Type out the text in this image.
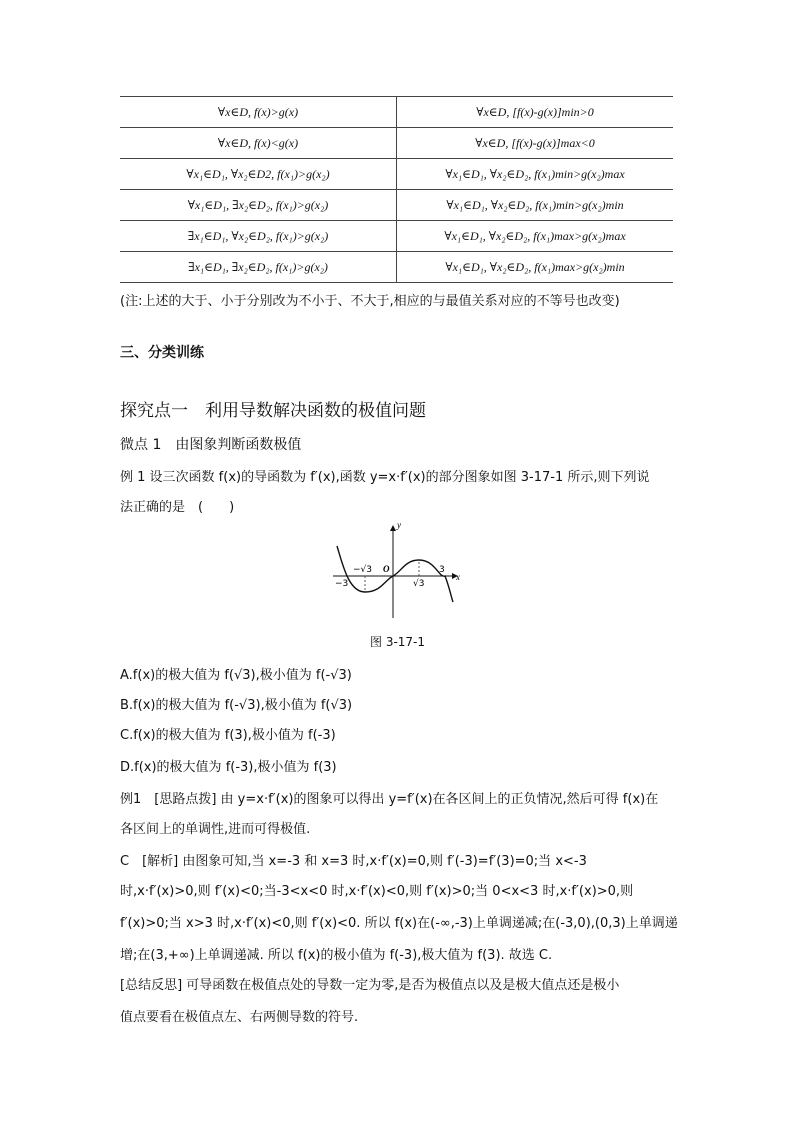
∀x∈D, f(x)>g(x)	∀x∈D, [f(x)-g(x)]min>0
∀x∈D, f(x)<g(x)	∀x∈D, [f(x)-g(x)]max<0
∀x₁∈D₁, ∀x₂∈D2, f(x₁)>g(x₂)	∀x₁∈D₁, ∀x₂∈D₂, f(x₁)min>g(x₂)max
∀x₁∈D₁, ∃x₂∈D₂, f(x₁)>g(x₂)	∀x₁∈D₁, ∀x₂∈D₂, f(x₁)min>g(x₂)min
∃x₁∈D₁, ∀x₂∈D₂, f(x₁)>g(x₂)	∀x₁∈D₁, ∀x₂∈D₂, f(x₁)max>g(x₂)max
∃x₁∈D₁, ∃x₂∈D₂, f(x₁)>g(x₂)	∀x₁∈D₁, ∀x₂∈D₂, f(x₁)max>g(x₂)min
(注:上述的大于、小于分别改为不小于、不大于,相应的与最值关系对应的不等号也改变)
三、分类训练
探究点一　利用导数解决函数的极值问题
微点 1　由图象判断函数极值
例 1 设三次函数 f(x)的导函数为 f′(x),函数 y=x·f′(x)的部分图象如图 3-17-1 所示,则下列说
法正确的是　(　　)
y
x
O
−√3
√3
−3
3
图 3-17-1
A.f(x)的极大值为 f(√3),极小值为 f(-√3)
B.f(x)的极大值为 f(-√3),极小值为 f(√3)
C.f(x)的极大值为 f(3),极小值为 f(-3)
D.f(x)的极大值为 f(-3),极小值为 f(3)
例1　[思路点拨] 由 y=x·f′(x)的图象可以得出 y=f′(x)在各区间上的正负情况,然后可得 f(x)在
各区间上的单调性,进而可得极值.
C　[解析] 由图象可知,当 x=-3 和 x=3 时,x·f′(x)=0,则 f′(-3)=f′(3)=0;当 x<-3
时,x·f′(x)>0,则 f′(x)<0;当-3<x<0 时,x·f′(x)<0,则 f′(x)>0;当 0<x<3 时,x·f′(x)>0,则
f′(x)>0;当 x>3 时,x·f′(x)<0,则 f′(x)<0. 所以 f(x)在(-∞,-3)上单调递减;在(-3,0),(0,3)上单调递
增;在(3,+∞)上单调递减. 所以 f(x)的极小值为 f(-3),极大值为 f(3). 故选 C.
[总结反思] 可导函数在极值点处的导数一定为零,是否为极值点以及是极大值点还是极小
值点要看在极值点左、右两侧导数的符号.
